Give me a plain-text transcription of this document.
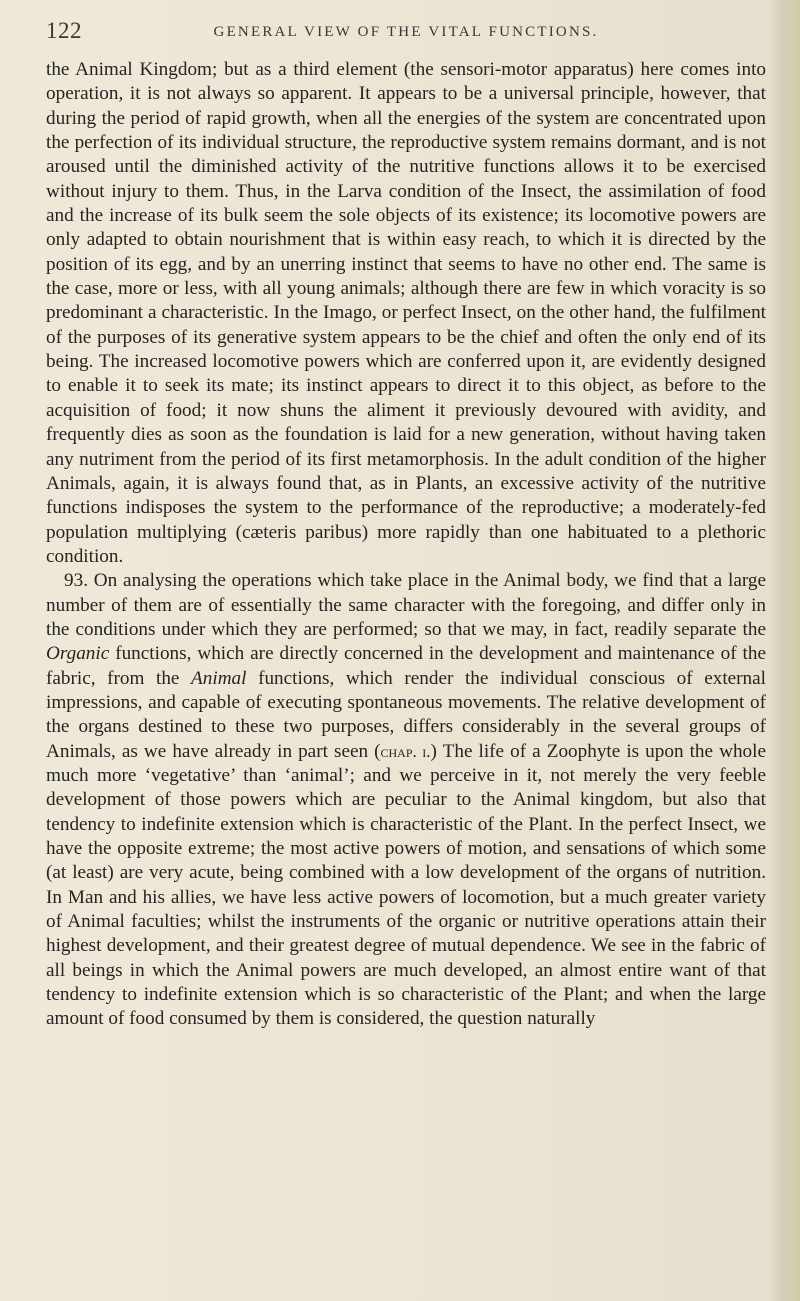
122	GENERAL VIEW OF THE VITAL FUNCTIONS.

the Animal Kingdom; but as a third element (the sensori-motor apparatus) here comes into operation, it is not always so apparent. It appears to be a universal principle, however, that during the period of rapid growth, when all the energies of the system are concentrated upon the perfection of its individual structure, the reproductive system remains dormant, and is not aroused until the diminished activity of the nutritive functions allows it to be exercised without injury to them. Thus, in the Larva condition of the Insect, the assimilation of food and the increase of its bulk seem the sole objects of its existence; its locomotive powers are only adapted to obtain nourishment that is within easy reach, to which it is directed by the position of its egg, and by an unerring instinct that seems to have no other end. The same is the case, more or less, with all young animals; although there are few in which voracity is so predominant a characteristic. In the Imago, or perfect Insect, on the other hand, the fulfilment of the purposes of its generative system appears to be the chief and often the only end of its being. The increased locomotive powers which are conferred upon it, are evidently designed to enable it to seek its mate; its instinct appears to direct it to this object, as before to the acquisition of food; it now shuns the aliment it previously devoured with avidity, and frequently dies as soon as the foundation is laid for a new generation, without having taken any nutriment from the period of its first metamorphosis. In the adult condition of the higher Animals, again, it is always found that, as in Plants, an excessive activity of the nutritive functions indisposes the system to the performance of the reproductive; a moderately-fed population multiplying (cæteris paribus) more rapidly than one habituated to a plethoric condition.

93. On analysing the operations which take place in the Animal body, we find that a large number of them are of essentially the same character with the foregoing, and differ only in the conditions under which they are performed; so that we may, in fact, readily separate the Organic functions, which are directly concerned in the development and maintenance of the fabric, from the Animal functions, which render the individual conscious of external impressions, and capable of executing spontaneous movements. The relative development of the organs destined to these two purposes, differs considerably in the several groups of Animals, as we have already in part seen (chap. i.) The life of a Zoophyte is upon the whole much more ‘vegetative’ than ‘animal’; and we perceive in it, not merely the very feeble development of those powers which are peculiar to the Animal kingdom, but also that tendency to indefinite extension which is characteristic of the Plant. In the perfect Insect, we have the opposite extreme; the most active powers of motion, and sensations of which some (at least) are very acute, being combined with a low development of the organs of nutrition. In Man and his allies, we have less active powers of locomotion, but a much greater variety of Animal faculties; whilst the instruments of the organic or nutritive operations attain their highest development, and their greatest degree of mutual dependence. We see in the fabric of all beings in which the Animal powers are much developed, an almost entire want of that tendency to indefinite extension which is so characteristic of the Plant; and when the large amount of food consumed by them is considered, the question naturally
